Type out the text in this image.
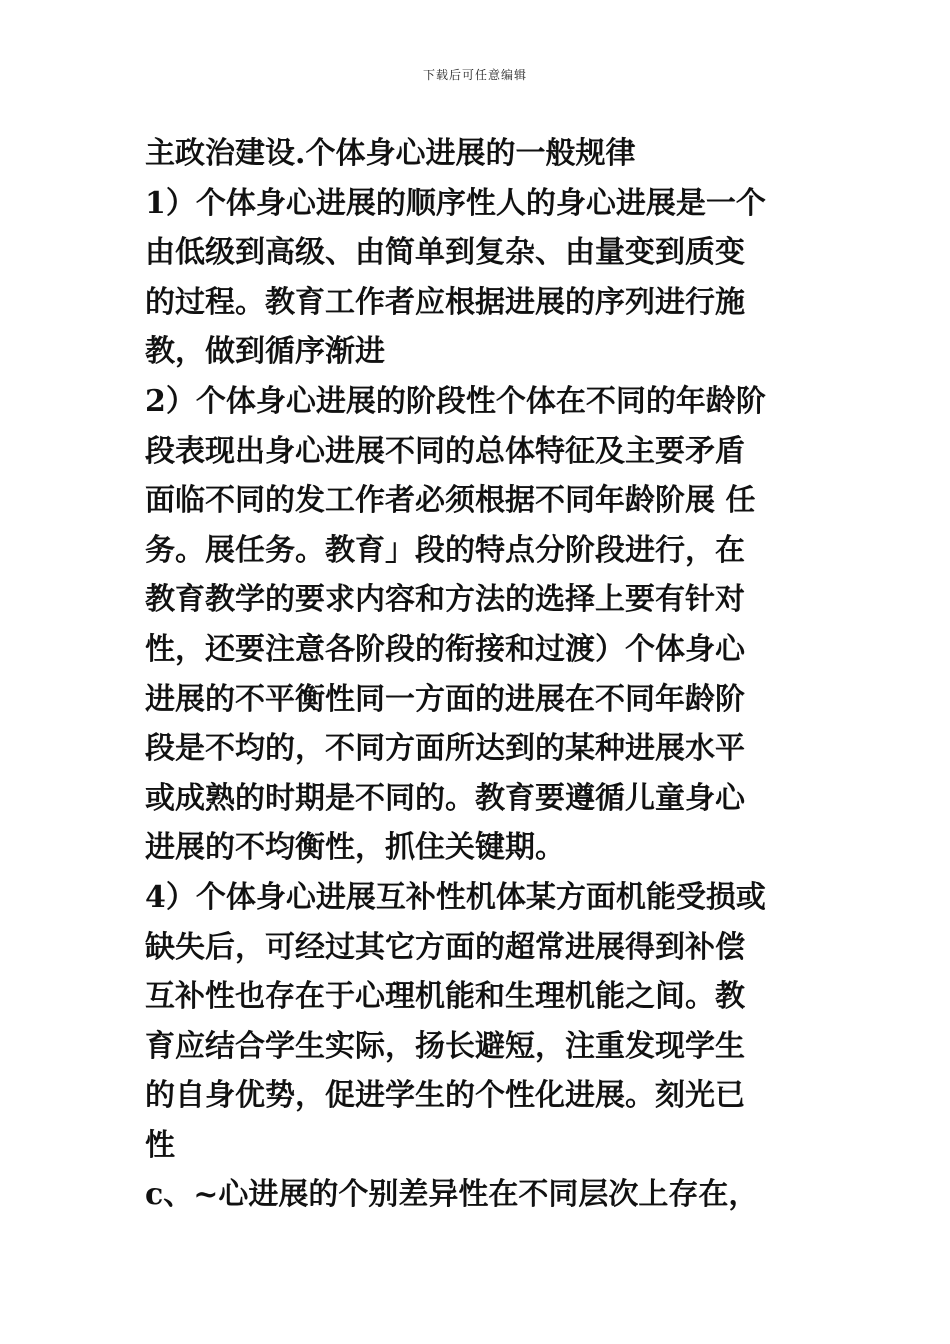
下载后可任意编辑
主政治建设.个体身心进展的一般规律
1）个体身心进展的顺序性人的身心进展是一个
由低级到高级、由简单到复杂、由量变到质变
的过程。教育工作者应根据进展的序列进行施
教，做到循序渐进
2）个体身心进展的阶段性个体在不同的年龄阶
段表现出身心进展不同的总体特征及主要矛盾
面临不同的发工作者必须根据不同年龄阶展 任
务。展任务。教育」段的特点分阶段进行，在
教育教学的要求内容和方法的选择上要有针对
性，还要注意各阶段的衔接和过渡）个体身心
进展的不平衡性同一方面的进展在不同年龄阶
段是不均的，不同方面所达到的某种进展水平
或成熟的时期是不同的。教育要遵循儿童身心
进展的不均衡性，抓住关键期。
4）个体身心进展互补性机体某方面机能受损或
缺失后，可经过其它方面的超常进展得到补偿
互补性也存在于心理机能和生理机能之间。教
育应结合学生实际，扬长避短，注重发现学生
的自身优势，促进学生的个性化进展。刻光已
性
c、~心进展的个别差异性在不同层次上存在，
